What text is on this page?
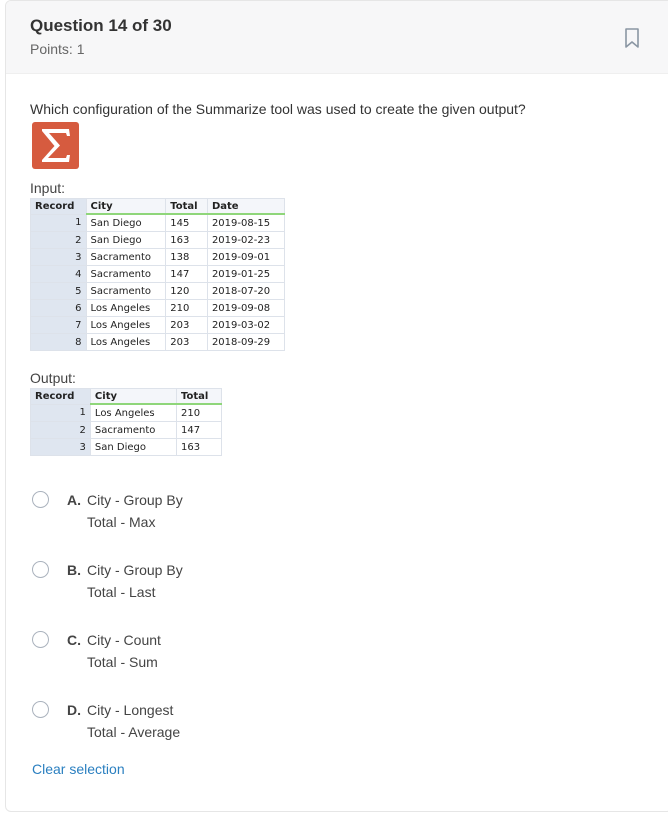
Question 14 of 30
Points: 1
Which configuration of the Summarize tool was used to create the given output?
Input:
Record	City	Total	Date
1	San Diego	145	2019-08-15
2	San Diego	163	2019-02-23
3	Sacramento	138	2019-09-01
4	Sacramento	147	2019-01-25
5	Sacramento	120	2018-07-20
6	Los Angeles	210	2019-09-08
7	Los Angeles	203	2019-03-02
8	Los Angeles	203	2018-09-29
Output:
Record	City	Total
1	Los Angeles	210
2	Sacramento	147
3	San Diego	163
A. City - Group By
Total - Max
B. City - Group By
Total - Last
C. City - Count
Total - Sum
D. City - Longest
Total - Average
Clear selection
